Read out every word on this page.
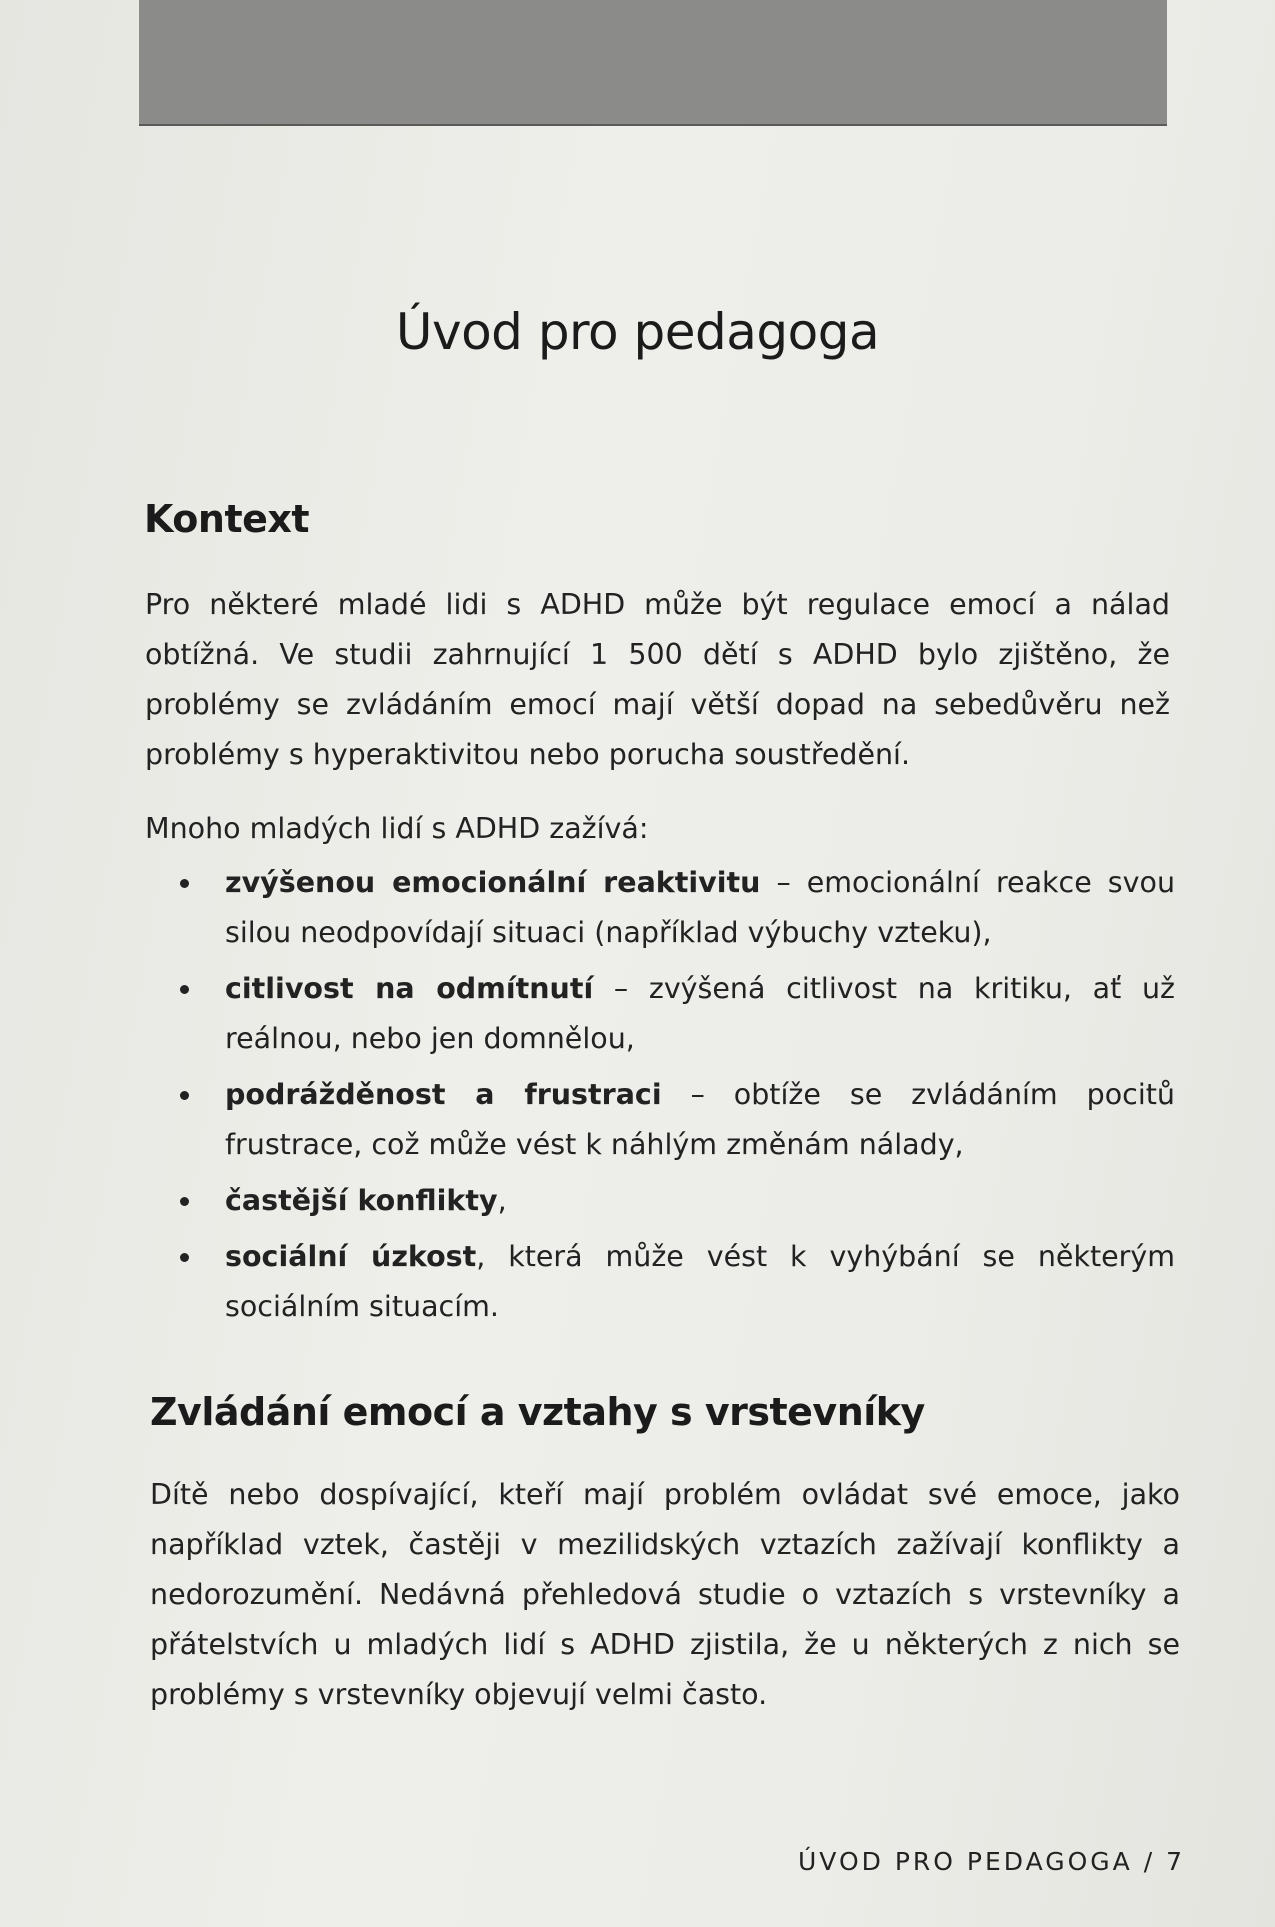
Úvod pro pedagoga
Kontext

Pro některé mladé lidi s ADHD může být regulace emocí a nálad obtížná. Ve studii zahrnující 1 500 dětí s ADHD bylo zjištěno, že problémy se zvládáním emocí mají větší dopad na sebedůvěru než problémy s hyperaktivitou nebo porucha soustředění.

Mnoho mladých lidí s ADHD zažívá:

zvýšenou emocionální reaktivitu – emocionální reakce svou silou neodpovídají situaci (například výbuchy vzteku),
citlivost na odmítnutí – zvýšená citlivost na kritiku, ať už reálnou, nebo jen domnělou,
podrážděnost a frustraci – obtíže se zvládáním pocitů frustrace, což může vést k náhlým změnám nálady,
častější konflikty,
sociální úzkost, která může vést k vyhýbání se některým sociálním situacím.
Zvládání emocí a vztahy s vrstevníky

Dítě nebo dospívající, kteří mají problém ovládat své emoce, jako například vztek, častěji v mezilidských vztazích zažívají konflikty a nedorozumění. Nedávná přehledová studie o vztazích s vrstevníky a přátelstvích u mladých lidí s ADHD zjistila, že u některých z nich se problémy s vrstevníky objevují velmi často.

ÚVOD PRO PEDAGOGA / 7
